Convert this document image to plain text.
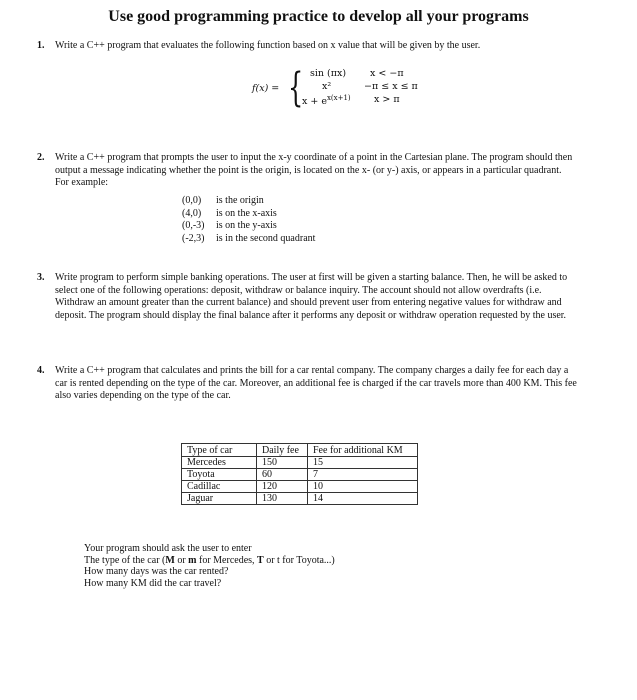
Use good programming practice to develop all your programs
1. Write a C++ program that evaluates the following function based on x value that will be given by the user.
f(x) = { sin (πx)	x < −π
x²	−π ≤ x ≤ π
$x + e^{x(x+1)}$ x > π
2. Write a C++ program that prompts the user to input the x-y coordinate of a point in the Cartesian plane. The program should then output a message indicating whether the point is the origin, is located on the x- (or y-) axis, or appears in a particular quadrant.
For example:
(0,0) is the origin
(4,0) is on the x-axis
(0,-3) is on the y-axis
(-2,3) is in the second quadrant
3. Write program to perform simple banking operations. The user at first will be given a starting balance. Then, he will be asked to select one of the following operations: deposit, withdraw or balance inquiry. The account should not allow overdrafts (i.e. Withdraw an amount greater than the current balance) and should prevent user from entering negative values for withdraw and deposit. The program should display the final balance after it performs any deposit or withdraw operation requested by the user.
4. Write a C++ program that calculates and prints the bill for a car rental company. The company charges a daily fee for each day a car is rented depending on the type of the car. Moreover, an additional fee is charged if the car travels more than 400 KM. This fee also varies depending on the type of the car.
Type of car	Daily fee	Fee for additional KM
Mercedes	150	15
Toyota	60	7
Cadillac	120	10
Jaguar	130	14
Your program should ask the user to enter
The type of the car (M or m for Mercedes, T or t for Toyota...)
How many days was the car rented?
How many KM did the car travel?
